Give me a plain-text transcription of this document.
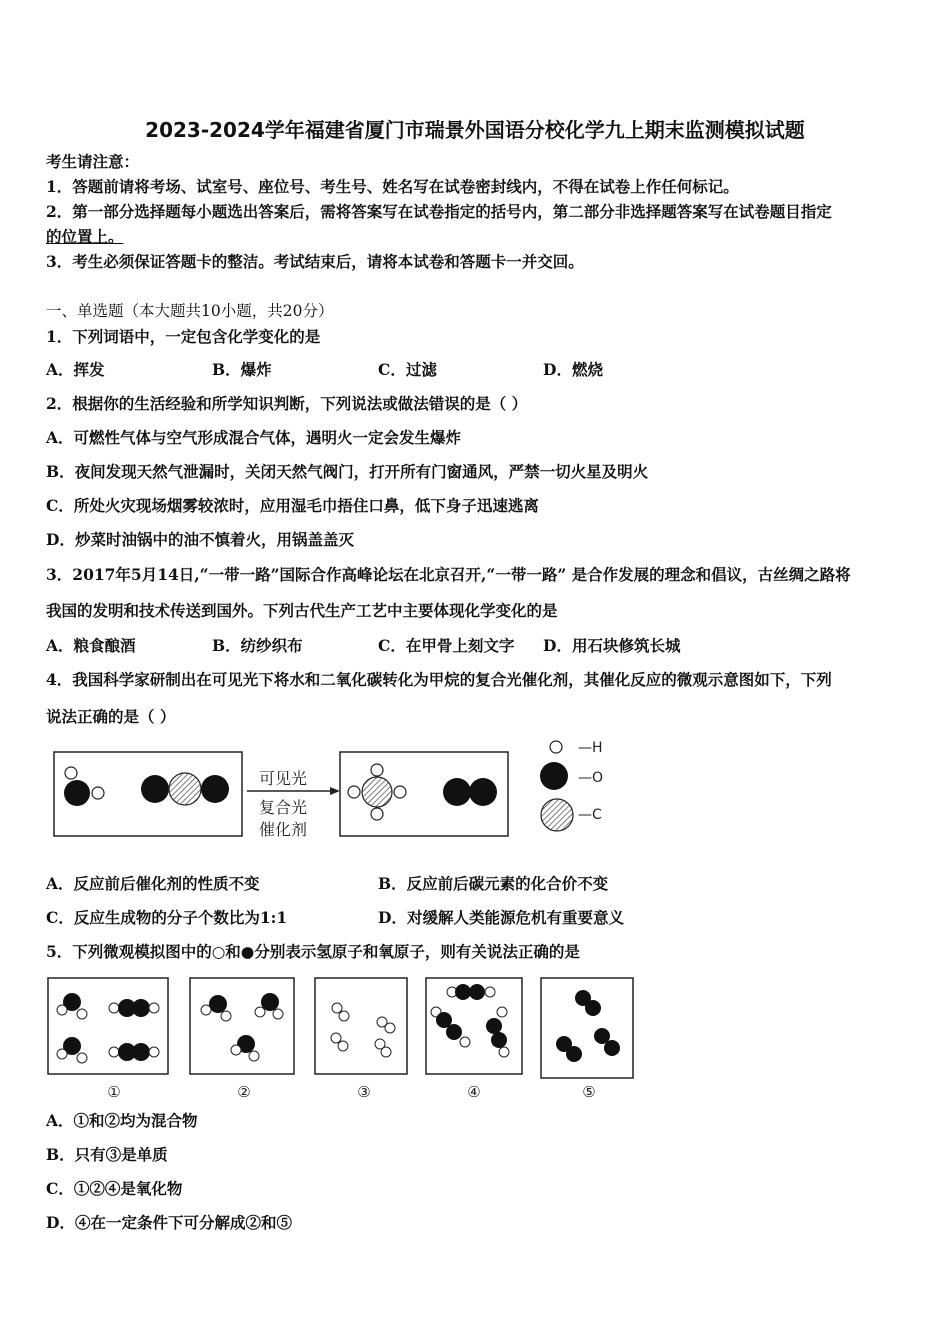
2023-2024学年福建省厦门市瑞景外国语分校化学九上期末监测模拟试题
考生请注意：
1．答题前请将考场、试室号、座位号、考生号、姓名写在试卷密封线内，不得在试卷上作任何标记。
2．第一部分选择题每小题选出答案后，需将答案写在试卷指定的括号内，第二部分非选择题答案写在试卷题目指定
的位置上。
3．考生必须保证答题卡的整洁。考试结束后，请将本试卷和答题卡一并交回。
一、单选题（本大题共10小题，共20分）
1．下列词语中，一定包含化学变化的是
A．挥发	B．爆炸	C．过滤	D．燃烧
2．根据你的生活经验和所学知识判断，下列说法或做法错误的是（ ）
A．可燃性气体与空气形成混合气体，遇明火一定会发生爆炸
B．夜间发现天然气泄漏时，关闭天然气阀门，打开所有门窗通风，严禁一切火星及明火
C．所处火灾现场烟雾较浓时，应用湿毛巾捂住口鼻，低下身子迅速逃离
D．炒菜时油锅中的油不慎着火，用锅盖盖灭
3．2017年5月14日,“一带一路”国际合作高峰论坛在北京召开,“一带一路” 是合作发展的理念和倡议，古丝绸之路将
我国的发明和技术传送到国外。下列古代生产工艺中主要体现化学变化的是
A．粮食酿酒	B．纺纱织布	C．在甲骨上刻文字 D．用石块修筑长城
4．我国科学家研制出在可见光下将水和二氧化碳转化为甲烷的复合光催化剂，其催化反应的微观示意图如下，下列
说法正确的是（ ）
可见光
复合光
催化剂
—H
—O
—C
A．反应前后催化剂的性质不变	B．反应前后碳元素的化合价不变
C．反应生成物的分子个数比为1:1	D．对缓解人类能源危机有重要意义
5．下列微观模拟图中的○和●分别表示氢原子和氧原子，则有关说法正确的是
①	②	③	④	⑤
A．①和②均为混合物
B．只有③是单质
C．①②④是氧化物
D．④在一定条件下可分解成②和⑤
